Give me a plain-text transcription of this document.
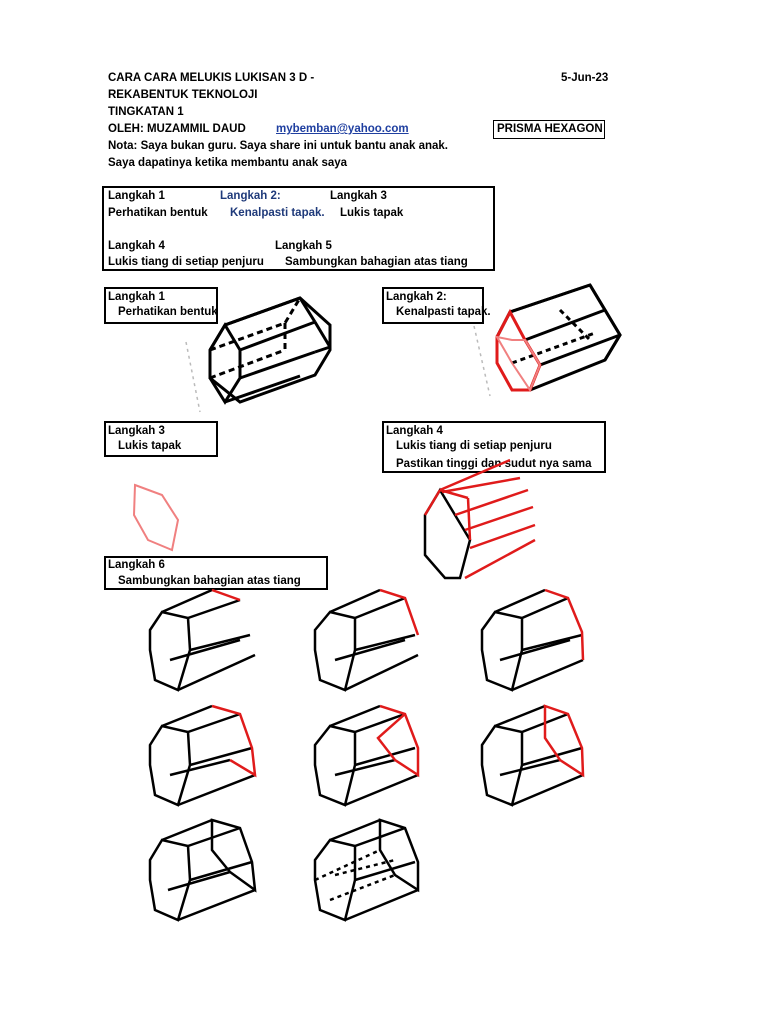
CARA CARA MELUKIS LUKISAN 3 D -	5-Jun-23
REKABENTUK TEKNOLOJI
TINGKATAN 1
OLEH: MUZAMMIL DAUD	mybemban@yahoo.com	PRISMA HEXAGON
Nota: Saya bukan guru. Saya share ini untuk bantu anak anak.
Saya dapatinya ketika membantu anak saya
Langkah 1
Perhatikan bentuk
Langkah 2:
Kenalpasti tapak.
Langkah 3
Lukis tapak
Langkah 4
Lukis tiang di setiap penjuru
Langkah 5
Sambungkan bahagian atas tiang
Langkah 1
Perhatikan bentuk
Langkah 2:
Kenalpasti tapak.
Langkah 3
Lukis tapak
Langkah 4
Lukis tiang di setiap penjuru
Pastikan tinggi dan sudut nya sama
Langkah 6
Sambungkan bahagian atas tiang
